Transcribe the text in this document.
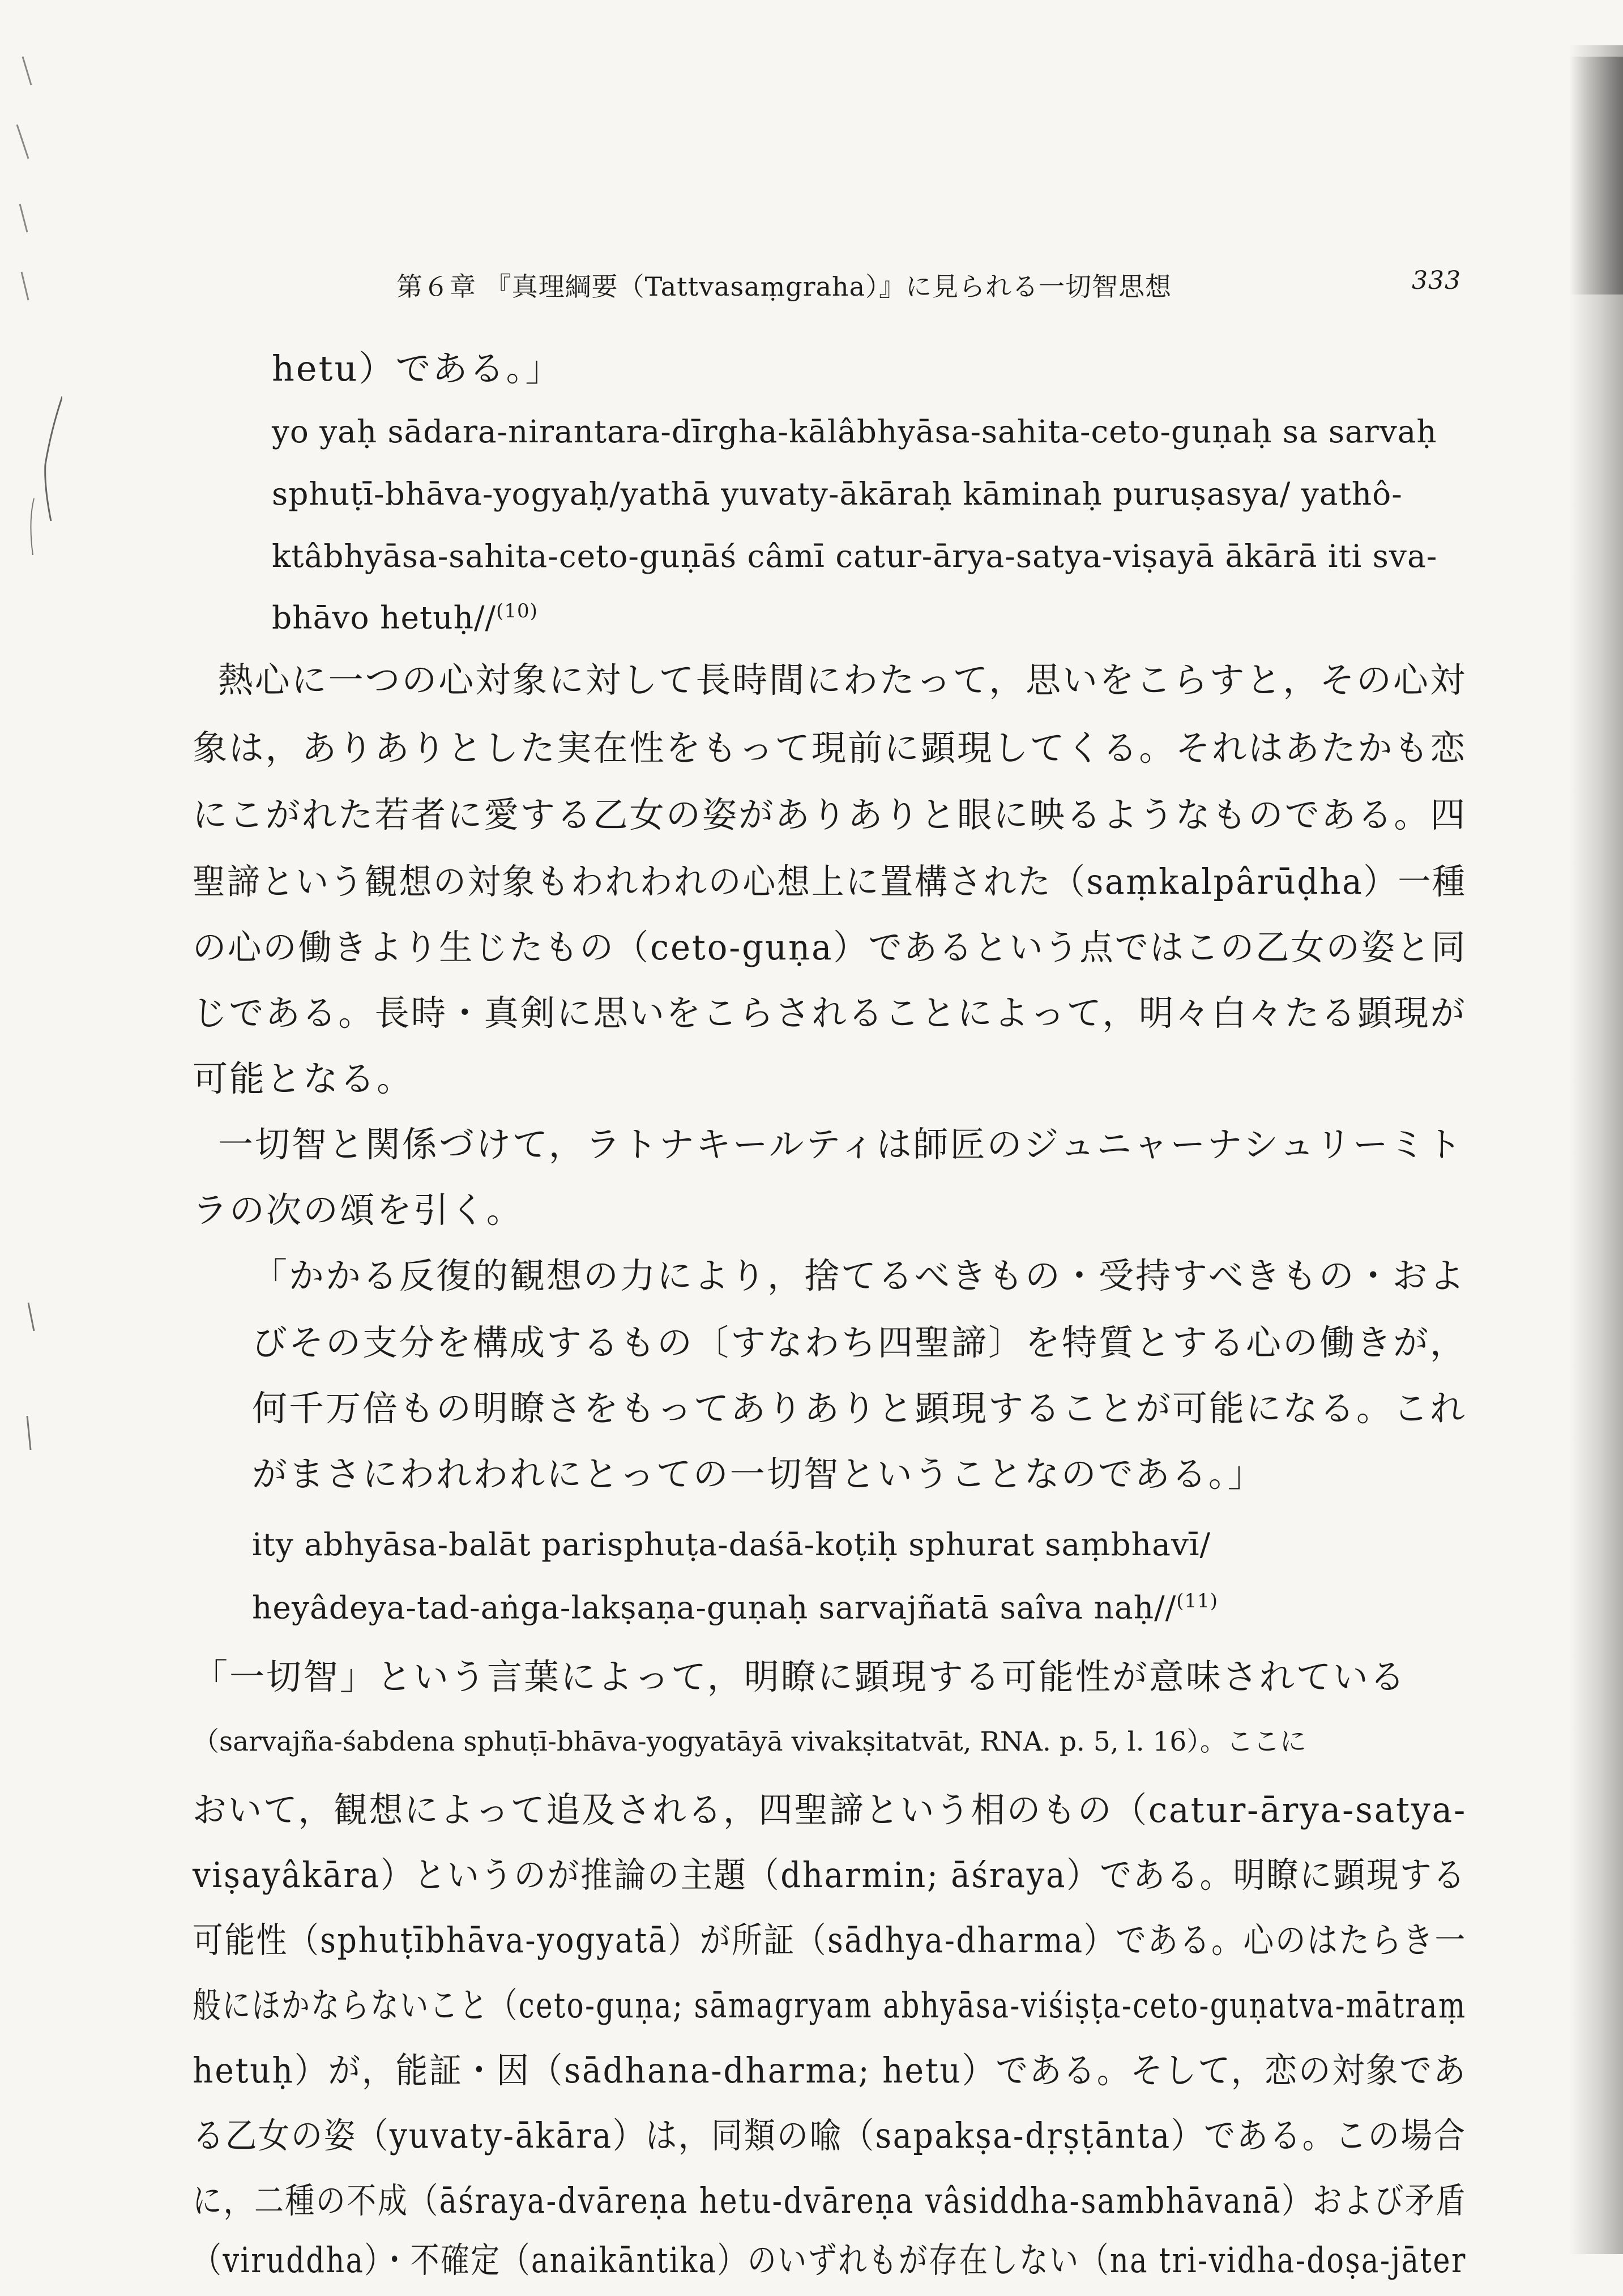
第６章 『真理綱要（Tattvasaṃgraha）』に見られる一切智思想	333
hetu）である。」
yo yaḥ sādara-nirantara-dīrgha-kālâbhyāsa-sahita-ceto-guṇaḥ sa sarvaḥ
sphuṭī-bhāva-yogyaḥ/yathā yuvaty-ākāraḥ kāminaḥ puruṣasya/ yathô-
ktâbhyāsa-sahita-ceto-guṇāś câmī catur-ārya-satya-viṣayā ākārā iti sva-
bhāvo hetuḥ//$^{(10)}$
熱心に一つの心対象に対して長時間にわたって，思いをこらすと，その心対
象は，ありありとした実在性をもって現前に顕現してくる。それはあたかも恋
にこがれた若者に愛する乙女の姿がありありと眼に映るようなものである。四
聖諦という観想の対象もわれわれの心想上に置構された（saṃkalpârūḍha）一種
の心の働きより生じたもの（ceto-guṇa）であるという点ではこの乙女の姿と同
じである。長時・真剣に思いをこらされることによって，明々白々たる顕現が
可能となる。
一切智と関係づけて，ラトナキールティは師匠のジュニャーナシュリーミト
ラの次の頌を引く。
「かかる反復的観想の力により，捨てるべきもの・受持すべきもの・およ
びその支分を構成するもの〔すなわち四聖諦〕を特質とする心の働きが，
何千万倍もの明瞭さをもってありありと顕現することが可能になる。これ
がまさにわれわれにとっての一切智ということなのである。」
ity abhyāsa-balāt parisphuṭa-daśā-koṭiḥ sphurat saṃbhavī/
heyâdeya-tad-aṅga-lakṣaṇa-guṇaḥ sarvajñatā saîva naḥ//$^{(11)}$
「一切智」という言葉によって，明瞭に顕現する可能性が意味されている
（sarvajña-śabdena sphuṭī-bhāva-yogyatāyā vivakṣitatvāt, RNA. p. 5, l. 16）。ここに
おいて，観想によって追及される，四聖諦という相のもの（catur-ārya-satya-
viṣayâkāra）というのが推論の主題（dharmin; āśraya）である。明瞭に顕現する
可能性（sphuṭībhāva-yogyatā）が所証（sādhya-dharma）である。心のはたらき一
般にほかならないこと（ceto-guṇa; sāmagryam abhyāsa-viśiṣṭa-ceto-guṇatva-mātraṃ
hetuḥ）が，能証・因（sādhana-dharma; hetu）である。そして，恋の対象であ
る乙女の姿（yuvaty-ākāra）は，同類の喩（sapakṣa-dṛṣṭānta）である。この場合
に，二種の不成（āśraya-dvāreṇa hetu-dvāreṇa vâsiddha-sambhāvanā）および矛盾
（viruddha）・不確定（anaikāntika）のいずれもが存在しない（na tri-vidha-doṣa-jāter
